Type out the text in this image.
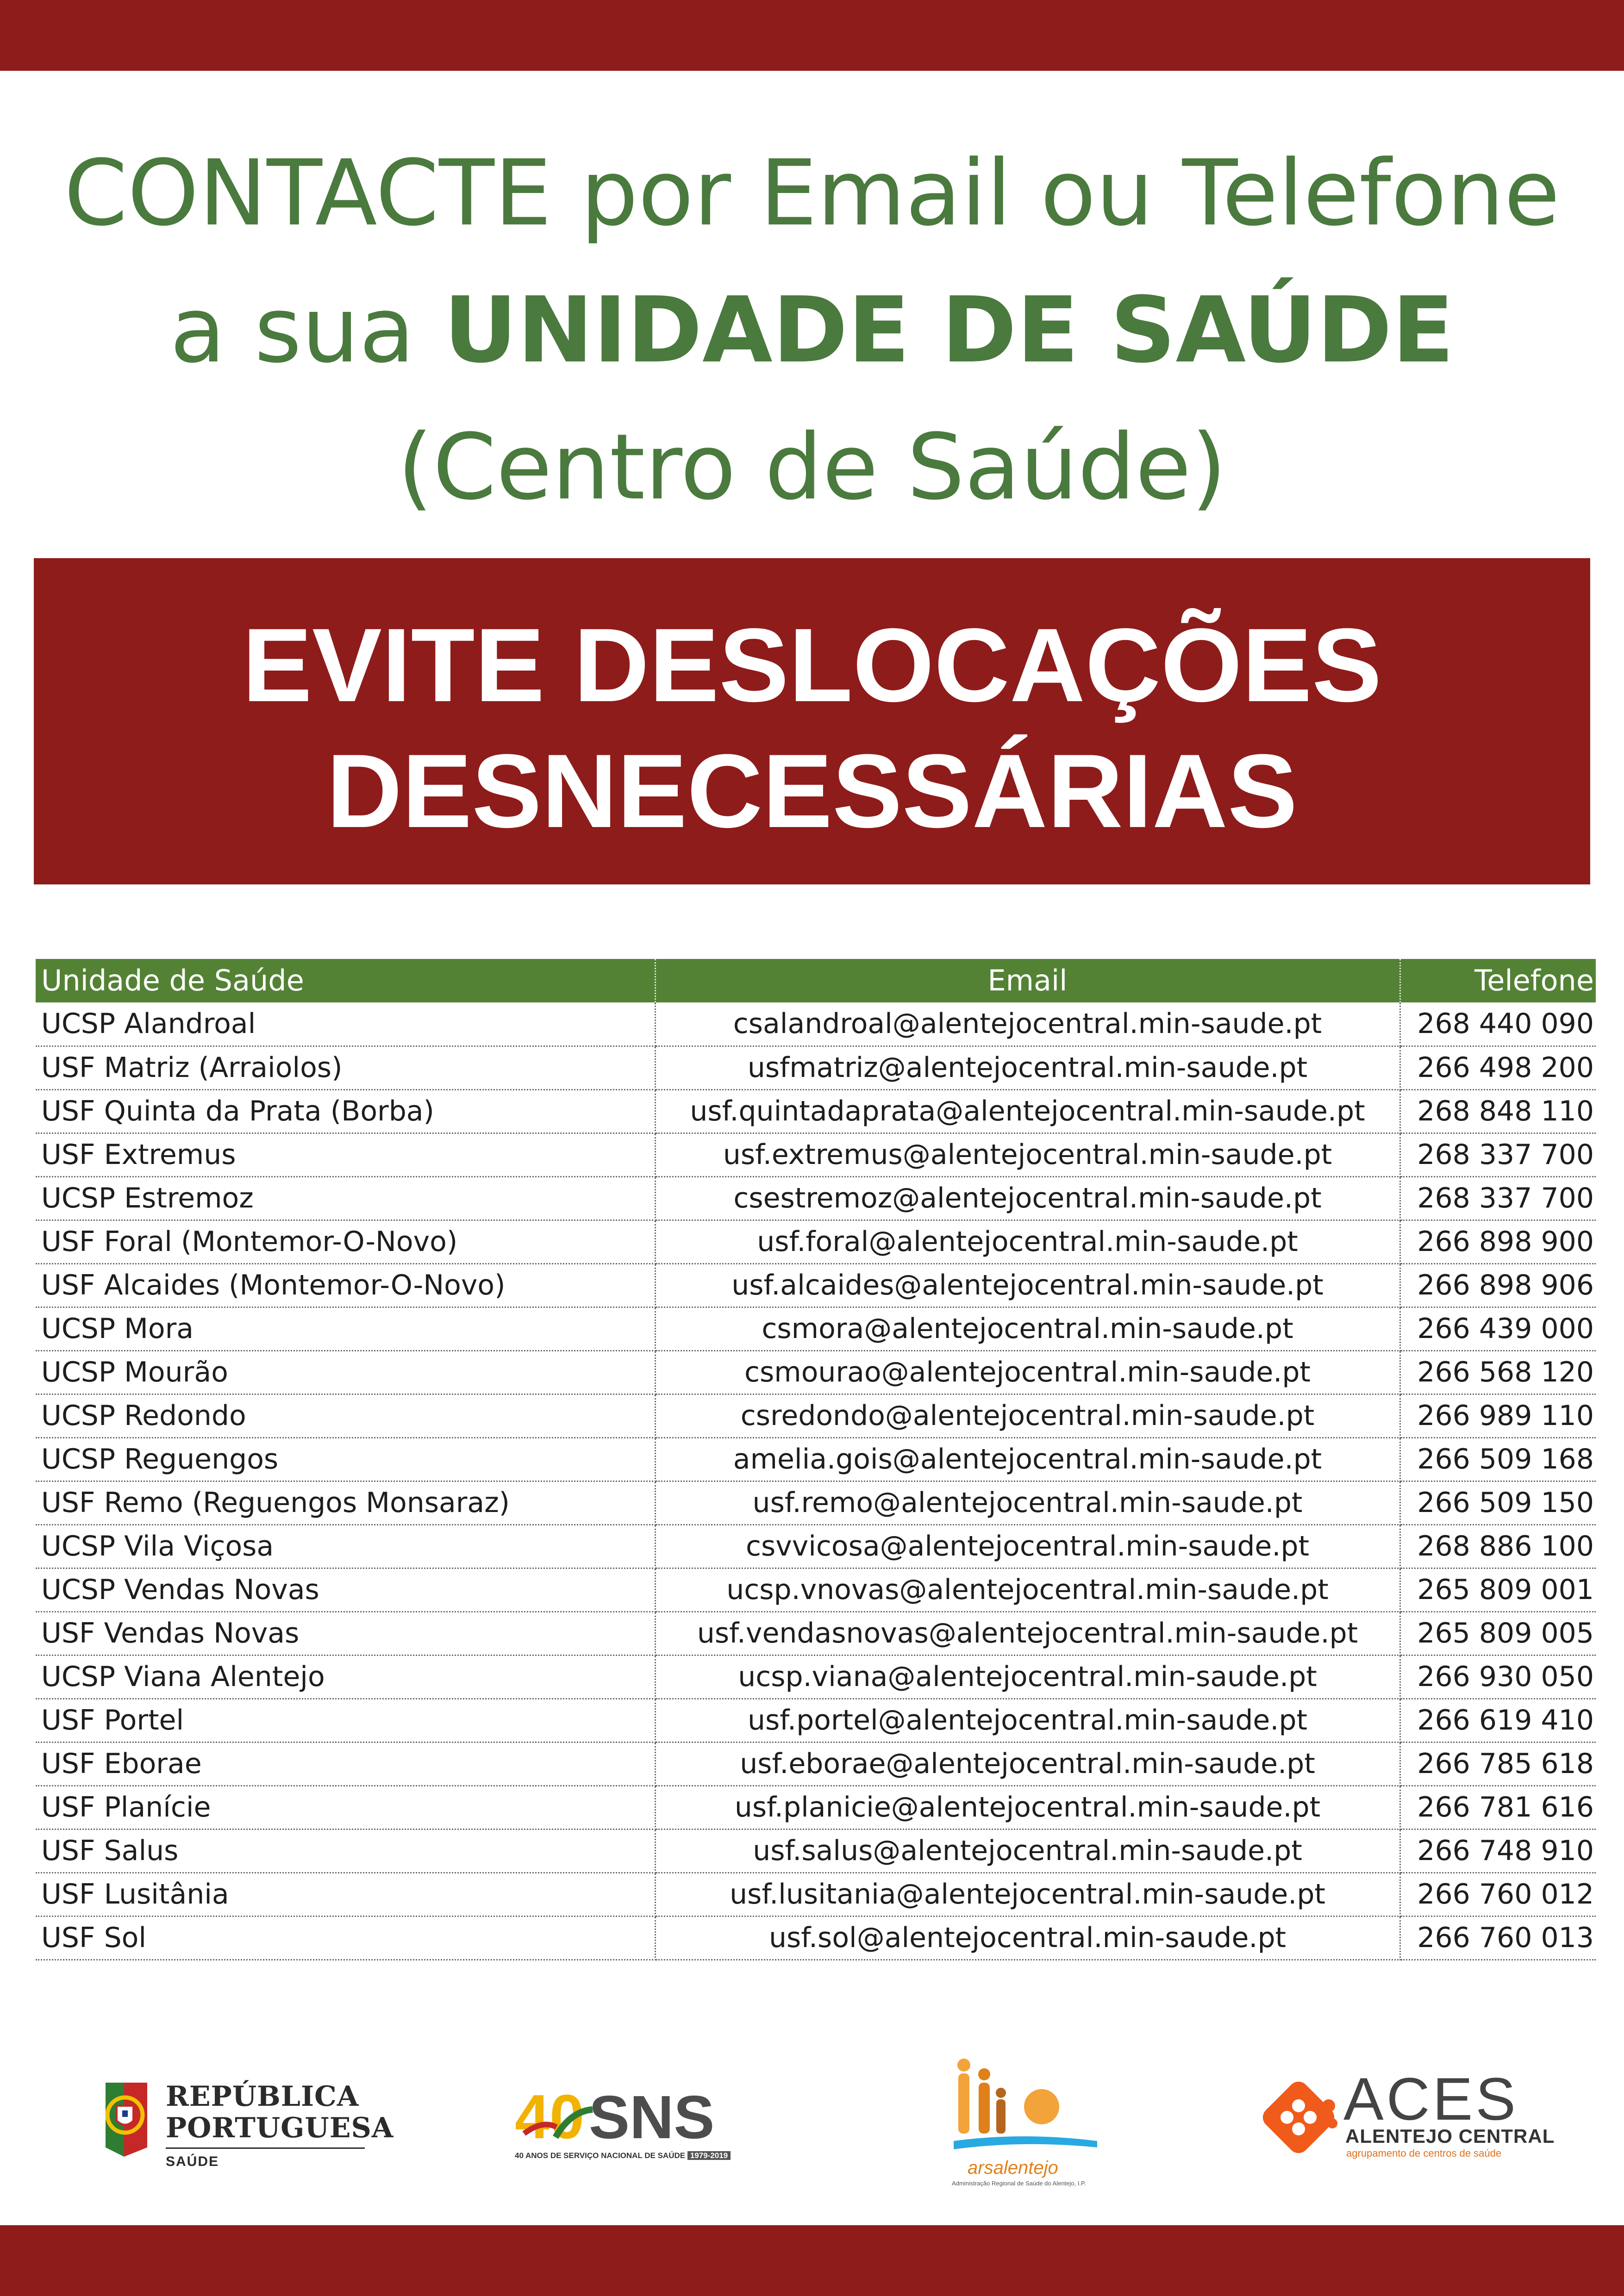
CONTACTE por Email ou Telefone
a sua UNIDADE DE SAÚDE
(Centro de Saúde)
EVITE DESLOCAÇÕES
DESNECESSÁRIAS
Unidade de Saúde	Email	Telefone
UCSP Alandroal	csalandroal@alentejocentral.min-saude.pt	268 440 090
USF Matriz (Arraiolos)	usfmatriz@alentejocentral.min-saude.pt	266 498 200
USF Quinta da Prata (Borba)	usf.quintadaprata@alentejocentral.min-saude.pt	268 848 110
USF Extremus	usf.extremus@alentejocentral.min-saude.pt	268 337 700
UCSP Estremoz	csestremoz@alentejocentral.min-saude.pt	268 337 700
USF Foral (Montemor-O-Novo)	usf.foral@alentejocentral.min-saude.pt	266 898 900
USF Alcaides (Montemor-O-Novo)	usf.alcaides@alentejocentral.min-saude.pt	266 898 906
UCSP Mora	csmora@alentejocentral.min-saude.pt	266 439 000
UCSP Mourão	csmourao@alentejocentral.min-saude.pt	266 568 120
UCSP Redondo	csredondo@alentejocentral.min-saude.pt	266 989 110
UCSP Reguengos	amelia.gois@alentejocentral.min-saude.pt	266 509 168
USF Remo (Reguengos Monsaraz)	usf.remo@alentejocentral.min-saude.pt	266 509 150
UCSP Vila Viçosa	csvvicosa@alentejocentral.min-saude.pt	268 886 100
UCSP Vendas Novas	ucsp.vnovas@alentejocentral.min-saude.pt	265 809 001
USF Vendas Novas	usf.vendasnovas@alentejocentral.min-saude.pt	265 809 005
UCSP Viana Alentejo	ucsp.viana@alentejocentral.min-saude.pt	266 930 050
USF Portel	usf.portel@alentejocentral.min-saude.pt	266 619 410
USF Eborae	usf.eborae@alentejocentral.min-saude.pt	266 785 618
USF Planície	usf.planicie@alentejocentral.min-saude.pt	266 781 616
USF Salus	usf.salus@alentejocentral.min-saude.pt	266 748 910
USF Lusitânia	usf.lusitania@alentejocentral.min-saude.pt	266 760 012
USF Sol	usf.sol@alentejocentral.min-saude.pt	266 760 013
REPÚBLICA
PORTUGUESA
SAÚDE
40 SNS
40 ANOS DE SERVIÇO NACIONAL DE SAÚDE 1979-2019
arsalentejo
Administração Regional de Saúde do Alentejo, I.P.
ACES
ALENTEJO CENTRAL
agrupamento de centros de saúde
